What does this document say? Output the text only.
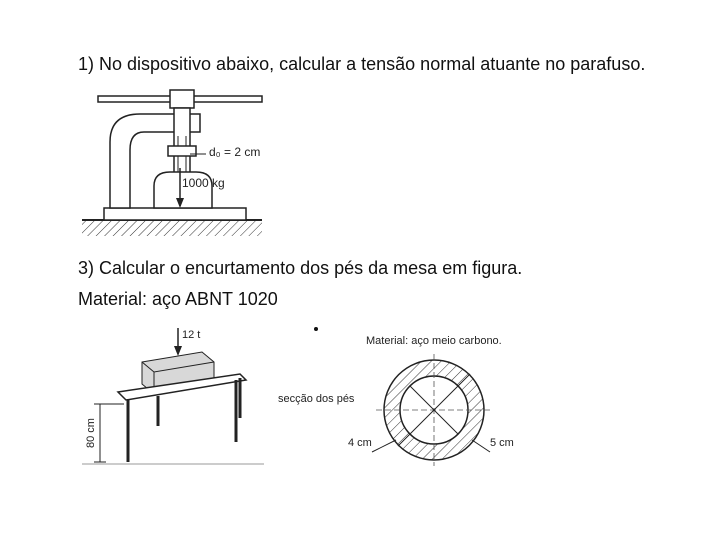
1) No dispositivo abaixo, calcular a tensão normal atuante no parafuso.
d₀ = 2 cm
1000 kg
3) Calcular o encurtamento dos pés da mesa em figura.
Material: aço ABNT 1020
12 t
80 cm
Material: aço meio carbono.
secção dos pés
4 cm	5 cm
